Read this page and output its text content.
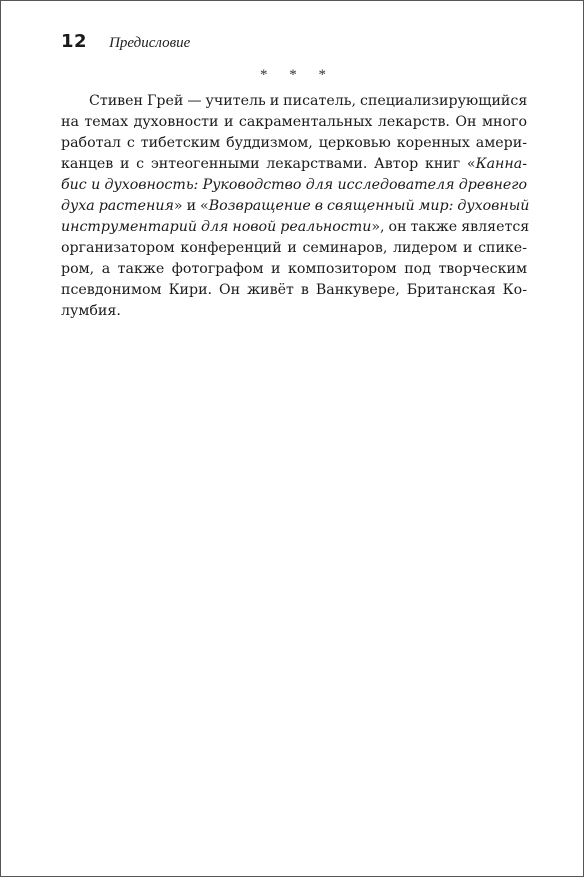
12 Предисловие
* * *

Стивен Грей — учитель и писатель, специализирующийся
на темах духовности и сакраментальных лекарств. Он много
работал с тибетским буддизмом, церковью коренных амери-
канцев и с энтеогенными лекарствами. Автор книг «Канна-
бис и духовность: Руководство для исследователя древнего
духа растения» и «Возвращение в священный мир: духовный
инструментарий для новой реальности», он также является
организатором конференций и семинаров, лидером и спике-
ром, а также фотографом и композитором под творческим
псевдонимом Кири. Он живёт в Ванкувере, Британская Ко-
лумбия.
